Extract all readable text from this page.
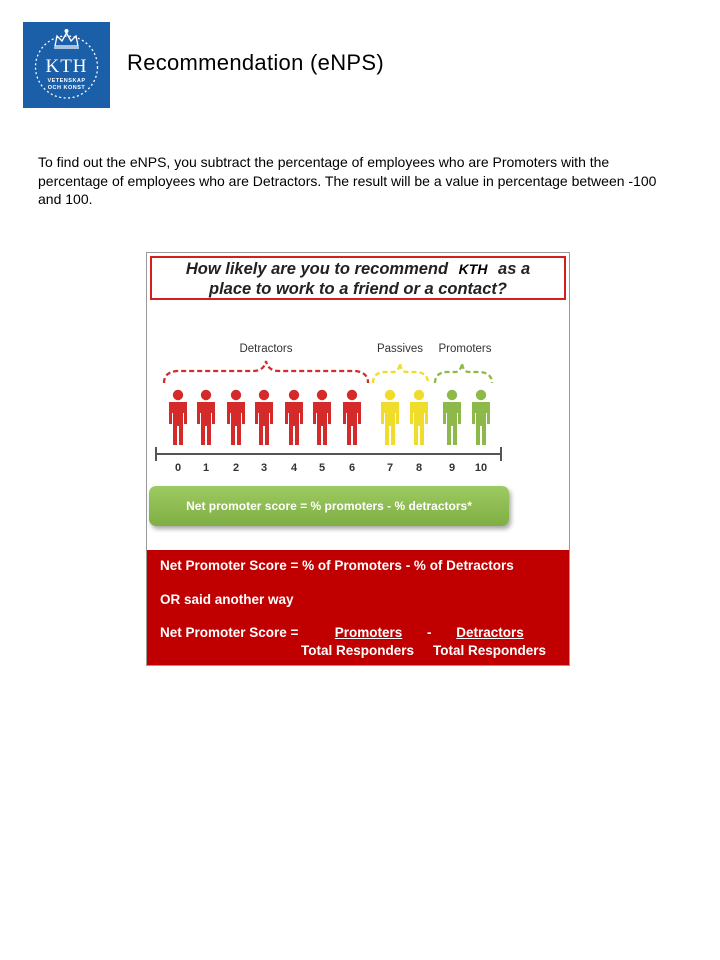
KTH
VETENSKAP
OCH KONST
Recommendation (eNPS)
To find out the eNPS, you subtract the percentage of employees who are Promoters with the percentage of employees who are Detractors. The result will be a value in percentage between -100 and 100.
How likely are you to recommend KTH as a
place to work to a friend or a contact?
Detractors	Passives Promoters
0 1 2 3 4 5 6	7 8 9 10
Net promoter score = % promoters - % detractors*
Net Promoter Score = % of Promoters - % of Detractors
OR said another way
Net Promoter Score =	Promoters	-	Detractors
Total Responders Total Responders
